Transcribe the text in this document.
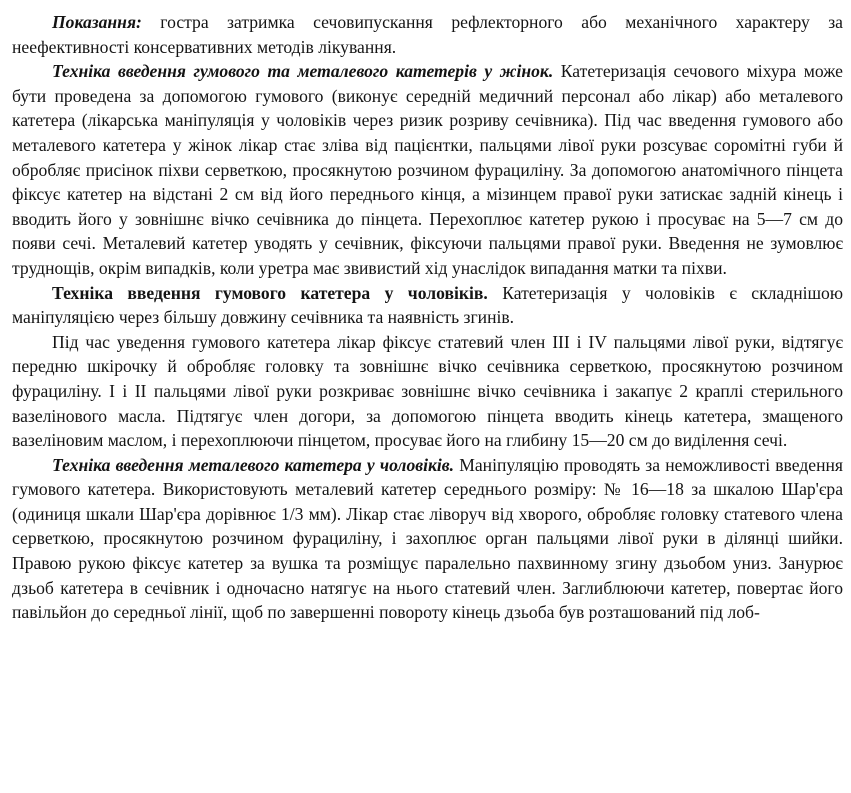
Показання: гостра затримка сечовипускання рефлекторного або механічного характеру за неефективності консервативних методів лікування.

Техніка введення гумового та металевого катетерів у жінок. Катетеризація сечового міхура може бути проведена за допомогою гумового (виконує середній медичний персонал або лікар) або металевого катетера (лікарська маніпуляція у чоловіків через ризик розриву сечівника). Під час введення гумового або металевого катетера у жінок лікар стає зліва від пацієнтки, пальцями лівої руки розсуває соромітні губи й обробляє присінок піхви серветкою, просякнутою розчином фурациліну. За допомогою анатомічного пінцета фіксує катетер на відстані 2 см від його переднього кінця, а мізинцем правої руки затискає задній кінець і вводить його у зовнішнє вічко сечівника до пінцета. Перехоплює катетер рукою і просуває на 5—7 см до появи сечі. Металевий катетер уводять у сечівник, фіксуючи пальцями правої руки. Введення не зумовлює труднощів, окрім випадків, коли уретра має звивистий хід унаслідок випадання матки та піхви.

Техніка введення гумового катетера у чоловіків. Катетеризація у чоловіків є складнішою маніпуляцією через більшу довжину сечівника та наявність згинів.

Під час уведення гумового катетера лікар фіксує статевий член III і IV пальцями лівої руки, відтягує передню шкірочку й обробляє головку та зовнішнє вічко сечівника серветкою, просякнутою розчином фурациліну. I і II пальцями лівої руки розкриває зовнішнє вічко сечівника і закапує 2 краплі стерильного вазелінового масла. Підтягує член догори, за допомогою пінцета вводить кінець катетера, змащеного вазеліновим маслом, і перехоплюючи пінцетом, просуває його на глибину 15—20 см до виділення сечі.

Техніка введення металевого катетера у чоловіків. Маніпуляцію проводять за неможливості введення гумового катетера. Використовують металевий катетер середнього розміру: № 16—18 за шкалою Шар'єра (одиниця шкали Шар'єра дорівнює 1/3 мм). Лікар стає ліворуч від хворого, обробляє головку статевого члена серветкою, просякнутою розчином фурациліну, і захоплює орган пальцями лівої руки в ділянці шийки. Правою рукою фіксує катетер за вушка та розміщує паралельно пахвинному згину дзьобом униз. Занурює дзьоб катетера в сечівник і одночасно натягує на нього статевий член. Заглиблюючи катетер, повертає його павільйон до середньої лінії, щоб по завершенні повороту кінець дзьоба був розташований під лоб-
